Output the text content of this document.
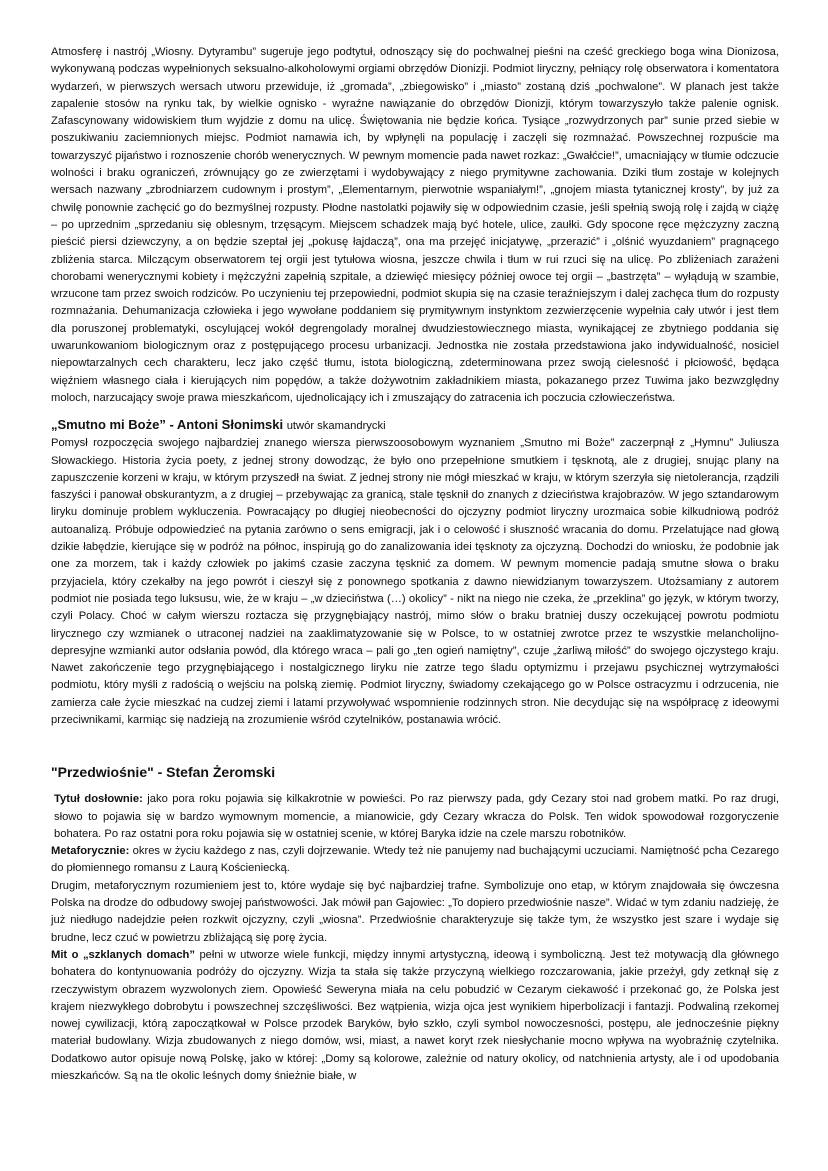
Atmosferę i nastrój „Wiosny. Dytyrambu” sugeruje jego podtytuł, odnoszący się do pochwalnej pieśni na cześć greckiego boga wina Dionizosa, wykonywaną podczas wypełnionych seksualno-alkoholowymi orgiami obrzędów Dionizji. Podmiot liryczny, pełniący rolę obserwatora i komentatora wydarzeń, w pierwszych wersach utworu przewiduje, iż „gromada”, „zbiegowisko” i „miasto” zostaną dziś „pochwalone”. W planach jest także zapalenie stosów na rynku tak, by wielkie ognisko - wyraźne nawiązanie do obrzędów Dionizji, którym towarzyszyło także palenie ognisk. Zafascynowany widowiskiem tłum wyjdzie z domu na ulicę. Świętowania nie będzie końca. Tysiące „rozwydrzonych par” sunie przed siebie w poszukiwaniu zaciemnionych miejsc. Podmiot namawia ich, by wpłynęli na populację i zaczęli się rozmnażać. Powszechnej rozpuście ma towarzyszyć pijaństwo i roznoszenie chorób wenerycznych. W pewnym momencie pada nawet rozkaz: „Gwałćcie!”, umacniający w tłumie odczucie wolności i braku ograniczeń, zrównujący go ze zwierzętami i wydobywający z niego prymitywne zachowania. Dziki tłum zostaje w kolejnych wersach nazwany „zbrodniarzem cudownym i prostym”, „Elementarnym, pierwotnie wspaniałym!”, „gnojem miasta tytanicznej krosty”, by już za chwilę ponownie zachęcić go do bezmyślnej rozpusty. Płodne nastolatki pojawiły się w odpowiednim czasie, jeśli spełnią swoją rolę i zajdą w ciążę – po uprzednim „sprzedaniu się oblesnym, trzęsącym. Miejscem schadzek mają być hotele, ulice, zaułki. Gdy spocone ręce mężczyzny zaczną pieścić piersi dziewczyny, a on będzie szeptał jej „pokusę łajdaczą”, ona ma przejęć inicjatywę, „przerazić” i „olśnić wyuzdaniem” pragnącego zbliżenia starca. Milczącym obserwatorem tej orgii jest tytułowa wiosna, jeszcze chwila i tłum w rui rzuci się na ulicę. Po zbliżeniach zarażeni chorobami wenerycznymi kobiety i mężczyźni zapełnią szpitale, a dziewięć miesięcy później owoce tej orgii – „bastrzęta” – wyłądują w szambie, wrzucone tam przez swoich rodziców. Po uczynieniu tej przepowiedni, podmiot skupia się na czasie teraźniejszym i dalej zachęca tłum do rozpusty rozmnażania. Dehumanizacja człowieka i jego wywołane poddaniem się prymitywnym instynktom zezwierzęcenie wypełnia cały utwór i jest tłem dla poruszonej problematyki, oscylującej wokół degrengolady moralnej dwudziestowiecznego miasta, wynikającej ze zbytniego poddania się uwarunkowaniom biologicznym oraz z postępującego procesu urbanizacji. Jednostka nie została przedstawiona jako indywidualność, nosiciel niepowtarzalnych cech charakteru, lecz jako część tłumu, istota biologiczną, zdeterminowana przez swoją cielesność i płciowość, będąca więźniem własnego ciała i kierujących nim popędów, a także dożywotnim zakładnikiem miasta, pokazanego przez Tuwima jako bezwzględny moloch, narzucający swoje prawa mieszkańcom, ujednolicający ich i zmuszający do zatracenia ich poczucia człowieczeństwa.

„Smutno mi Boże” - Antoni Słonimski utwór skamandrycki

Pomysł rozpoczęcia swojego najbardziej znanego wiersza pierwszoosobowym wyznaniem „Smutno mi Boże” zaczerpnął z „Hymnu” Juliusza Słowackiego. Historia życia poety, z jednej strony dowodząc, że było ono przepełnione smutkiem i tęsknotą, ale z drugiej, snując plany na zapuszczenie korzeni w kraju, w którym przyszedł na świat. Z jednej strony nie mógł mieszkać w kraju, w którym szerzyła się nietolerancja, rządzili faszyści i panował obskurantyzm, a z drugiej – przebywając za granicą, stale tęsknił do znanych z dzieciństwa krajobrazów. W jego sztandarowym liryku dominuje problem wykluczenia. Powracający po długiej nieobecności do ojczyzny podmiot liryczny urozmaica sobie kilkudniową podróż autoanalizą. Próbuje odpowiedzieć na pytania zarówno o sens emigracji, jak i o celowość i słuszność wracania do domu. Przelatujące nad głową dzikie łabędzie, kierujące się w podróż na północ, inspirują go do zanalizowania idei tęsknoty za ojczyzną. Dochodzi do wniosku, że podobnie jak one za morzem, tak i każdy człowiek po jakimś czasie zaczyna tęsknić za domem. W pewnym momencie padają smutne słowa o braku przyjaciela, który czekałby na jego powrót i cieszył się z ponownego spotkania z dawno niewidzianym towarzyszem. Utożsamiany z autorem podmiot nie posiada tego luksusu, wie, że w kraju – „w dzieciństwa (…) okolicy” - nikt na niego nie czeka, że „przeklina” go język, w którym tworzy, czyli Polacy. Choć w całym wierszu roztacza się przygnębiający nastrój, mimo słów o braku bratniej duszy oczekującej powrotu podmiotu lirycznego czy wzmianek o utraconej nadziei na zaaklimatyzowanie się w Polsce, to w ostatniej zwrotce przez te wszystkie melancholijno-depresyjne wzmianki autor odsłania powód, dla którego wraca – pali go „ten ogień namiętny”, czuje „żarliwą miłość” do swojego ojczystego kraju. Nawet zakończenie tego przygnębiającego i nostalgicznego liryku nie zatrze tego śladu optymizmu i przejawu psychicznej wytrzymałości podmiotu, który myśli z radością o wejściu na polską ziemię. Podmiot liryczny, świadomy czekającego go w Polsce ostracyzmu i odrzucenia, nie zamierza całe życie mieszkać na cudzej ziemi i latami przywoływać wspomnienie rodzinnych stron. Nie decydując się na współpracę z ideowymi przeciwnikami, karmiąc się nadzieją na zrozumienie wśród czytelników, postanawia wrócić.

"Przedwiośnie" - Stefan Żeromski

Tytuł dosłownie: jako pora roku pojawia się kilkakrotnie w powieści. Po raz pierwszy pada, gdy Cezary stoi nad grobem matki. Po raz drugi, słowo to pojawia się w bardzo wymownym momencie, a mianowicie, gdy Cezary wkracza do Polsk. Ten widok spowodował rozgoryczenie bohatera. Po raz ostatni pora roku pojawia się w ostatniej scenie, w której Baryka idzie na czele marszu robotników.

Metaforycznie: okres w życiu każdego z nas, czyli dojrzewanie. Wtedy też nie panujemy nad buchającymi uczuciami. Namiętność pcha Cezarego do płomiennego romansu z Laurą Kościeniecką.

Drugim, metaforycznym rozumieniem jest to, które wydaje się być najbardziej trafne. Symbolizuje ono etap, w którym znajdowała się ówczesna Polska na drodze do odbudowy swojej państwowości. Jak mówił pan Gajowiec: „To dopiero przedwiośnie nasze”. Widać w tym zdaniu nadzieję, że już niedługo nadejdzie pełen rozkwit ojczyzny, czyli „wiosna”. Przedwiośnie charakteryzuje się także tym, że wszystko jest szare i wydaje się brudne, lecz czuć w powietrzu zbliżającą się porę życia.

Mit o „szklanych domach” pełni w utworze wiele funkcji, między innymi artystyczną, ideową i symboliczną. Jest też motywacją dla głównego bohatera do kontynuowania podróży do ojczyzny. Wizja ta stała się także przyczyną wielkiego rozczarowania, jakie przeżył, gdy zetknął się z rzeczywistym obrazem wyzwolonych ziem. Opowieść Seweryna miała na celu pobudzić w Cezarym ciekawość i przekonać go, że Polska jest krajem niezwykłego dobrobytu i powszechnej szczęśliwości. Bez wątpienia, wizja ojca jest wynikiem hiperbolizacji i fantazji. Podwaliną rzekomej nowej cywilizacji, którą zapoczątkował w Polsce przodek Baryków, było szkło, czyli symbol nowoczesności, postępu, ale jednocześnie piękny materiał budowlany. Wizja zbudowanych z niego domów, wsi, miast, a nawet koryt rzek niesłychanie mocno wpływa na wyobraźnię czytelnika. Dodatkowo autor opisuje nową Polskę, jako w której: „Domy są kolorowe, zależnie od natury okolicy, od natchnienia artysty, ale i od upodobania mieszkańców. Są na tle okolic leśnych domy śnieżnie białe, w
